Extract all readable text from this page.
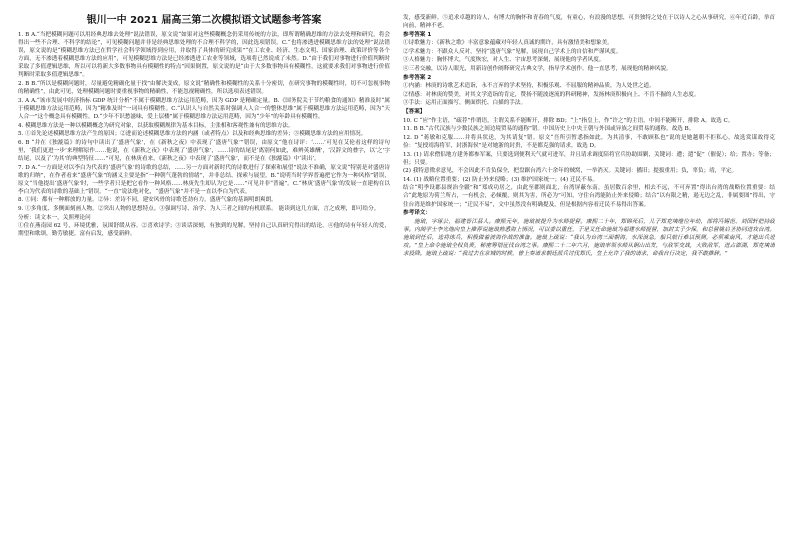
银川一中 2021 届高三第二次模拟语文试题参考答案

1. B A.“当把模糊问题可以用经典思维去处理”说法错误，原文说“如果对这些模糊概念仍采用传统的方法，即所谓精确思维的方法去处理和研究，将会得出一些不合理、不科学的结论”，可见模糊问题并非是经典思维处理的不合理不科学的，因此选项错误。C.“也将渗透进模糊思维方法的处理”说法错误，原文说的是“模糊思维方法已在哲学社会科学领域得到应用，并取得了具体的研究成果”“在工农业、经济、生态文明、国家治理、政策评价等各个方面，无不渗透着模糊思维方法的应用”，可见模糊思维方法是已经渗透进工农业等领域，选项将已然说成了未然。D.“由于我们对事物进行价值判断时采取了多值逻辑思维，所以可以将新大多数事物具有模糊性的特点”因果倒置，原文说的是“由于大多数事物具有模糊性，这就要求我们对事物进行价值判断时采取多值逻辑思维”。

2. B B.“所以是模糊问题时，尽量避免精确化量于找”由解决变成，原文说“精确性和模糊性的关系十分密切，在研究事物的模糊性时，切不可忽视事物的精确性”，由此可见，处理模糊问题时要重视事物的精确性，不能忽视精确性，所以选项表述错误。

3. A A.“该市发展中经济指标 GDP 统计分析”不属于模糊思维方法运用范畴，因为 GDP 是精确定量。B.《国务院关于节约粮食的通知》精准及时“属于模糊思维方法运用范畴，因为“精准及时”一词具有模糊性。C.“认识人与自然关系时强调人人合一的整体思维”属于模糊思维方法运用范畴，因为“天人合一”这个概念具有模糊性。D.“少年不识愁滋味，爱上层楼”属于模糊思维方法运用范畴，因为“少年”的年龄具有模糊性。

4. 模糊思维方法是一种以模糊概念为研究对象，以获取模糊规律为基本目标，主张相和客观性兼有的思维方法。

5. ①首先论述模糊思维方法产生的原因；②进而论述模糊思维方法的内涵（或者特点）以及和经典思维的差异；③模糊思维方法的应用情况。

6. B “并在《独漉篇》的诗句中读出了‘盛唐气象’，在《新秋之夜》中表现了‘盛唐气象’”错误，由原文“他在诗评：‘……’可见在艾伦看这样的诗句里，‘我们更进一步’来理解原作……他说，在《新秋之夜》中表现了‘盛唐气象’，……诗的结尾是‘离别何如此，难辨英雄酬’，‘汉辞文的叠字，以‘之’字结尾，以及了‘为其’的典型特征……”可见，在林庚看来，《新秋之夜》中表现了‘盛唐气象’，而不是在《独漉篇》中‘读出’。

7. D A.“一方面是对以李白为代表的‘盛唐气象’的诗歌的总结，……另一方面对新时代的诗歌进行了探索和展望”说法不准确，原文说“特别是对盛唐诗歌的归纳”，在作者看来“盛唐气象”的涵义主要是指“一种朝气蓬勃的情绪”，并非总结、探索与展望。B.“说明当时学界普遍把它作为一种风格”错误，原文“当他提出‘盛唐气象’时，一些学者只是把它看作一种风格……林庚先生却认为它是……”可见并非“普遍”。C.“林庚‘盛唐气象’的发展一直建构在以李白为代表的诗歌的基础上”错误，“一直”说法绝对化，“盛唐气象”并不是一直以李白为代表。

8. ①同：都有一种解放的力量。②异：差诗不同，建安风骨的诗歌苍劲有力，盛唐气象的基调明朗爽朗。

9. ①多角度、多侧面刻画人物。②突出人物的思想特点。③强调写诗、治学、为人三者之间的有机联系。 能读到这几方面，言之成理，即可给分。

分析：读文本一，关照理论问

①住在燕南园 62 号，环境优雅，氛围舒缓从容。②喜欢诗学；③谈话深刻，有独到的见解，坚持自己认真研究得出的结论。④他的诗有年轻人的爱，期望和歌颂，勤劳敏捷，富有启发，感受新鲜。

发，感受新鲜。⑤追求卓越的诗人，有博大的胸怀和青春的气度，有童心，有浪漫的思想，可贵独特之处在于以诗人之心从事研究。⑥年近百龄，举首向前，精神不老。

参考答案 1

①诗歌魅力：《新秋之歌》丰富意象蕴藏对年轻人真诚的期许，具有激情美和想象美。

②学术魅力：不跟众人反对，坚持“盛唐气象”见解，展现自己学术上的自信和严谨风度。

③人格魅力：胸怀博大，气度恢宏，对人生、宇宙思考深刻，展现他的学者风度。

④三者交融，以诗人眼光，用新诗创作阐释研究古典文学，指导学术创作。他一直思考，展现他的精神风貌。

参考答案 2

①内涵：林庚的诗歌艺术造诣，永不言弃的学术坚持，积极乐观、不屈服的精神品质，为人处世之道。

②情感：对林庚的赞美，对其文学造诣的肯定，赞扬不随波逐流的科研精神，发扬林庚积极向上、不肯不掘的人生态度。

③手法：运用正面描写，侧面烘托、白描的手法。

【答案】

10. C “应”作主语，“疏荐”作谓语，主谓关系不能断开，排除 BD；“上”指皇上，作“许之”的主语，中间不能断开，排除 A。故选 C。

11. B B.“古代汉族与少数民族之间边境贸易的通称”错。中国历史上中央王朝与外国或异族之间贸易的通称。故选 B。

12. D “蒋敏和克服……并将具状送，为其请复”错。原文“吾所引暂悉指如此，为其清事，不敢顾私也”说的是她越朝不拒私心，故选赏谋故得克俭：“复授靖海将军，封浙海侯”是对她浙的封贵，不是都克强的请求。故选 D。

13. (1) 请求僧侣地方建务都参军案，只要选到便利天气就可进军，并且请求调度陪将官兵协助围剿，关键词：遭；遣“促”（催促）；给；置办；等备；但；只要。

(2) 我特意徵求意见，不会因此不肯负保全，把盘踞台湾六十余年的贼窝，一举消灭。关键词：播旧；提拔重用；负，辜负；靖，平定。

14. (1) 战略位置重要；(2) 防止外来侵略；(3) 维护国家统一；(4) 迁民不易。

结合“明季设郡县规治全疆”和“郑成功居之，由此至郡则面北，台湾屏蔽东南，虽居数百余里，相去不远，不可弃置”得出台湾的战略位置重要：结合“此地原为荷兰所占，一有机会，必倾覆，则其为害，所必为”可知，守住台湾能防止外来侵略；结合“以有限之精，遏无边之乱，非属要图”得出，守住台湾是维护国家统一；“迁民不易”，文中虽然没有明确提及，但是根据内容看迁民不易得出答案。

参考译文：

施琅，字琢公，福建晋江县人。康熙元年，施琅被提升为水师提督。康熙二十年，郑锦死后，儿子郑克塽继位年幼，部将冯锡范、刘国轩把持政事。内阁学士李光地向皇上推荐说施琅熟悉海上情况，可以委以重任，于是又任命施琅为福建水师提督，加封太子少保，和总督姚启圣协同进攻台湾。施琅到任后，选将练兵，积极做着渡海作战的准备。施琅上疏说：“我认为台湾三面朝海，水深浪急，船只航行难以预测，必须乘南风，才能出兵进攻。”皇上命令施琅全权负责，秘密筹划征伐台湾之事。康熙二十二年六月，施琅率领水师从铜山出发，与敌军交战，大败敌军，进占澎湖，郑克塽请求投降。施琅上疏说：“我过去在京城的时候，曾上奏请求朝廷派兵讨伐郑氏，皇上允许了我的请求，命我自行决定，我不敢推辞。”
